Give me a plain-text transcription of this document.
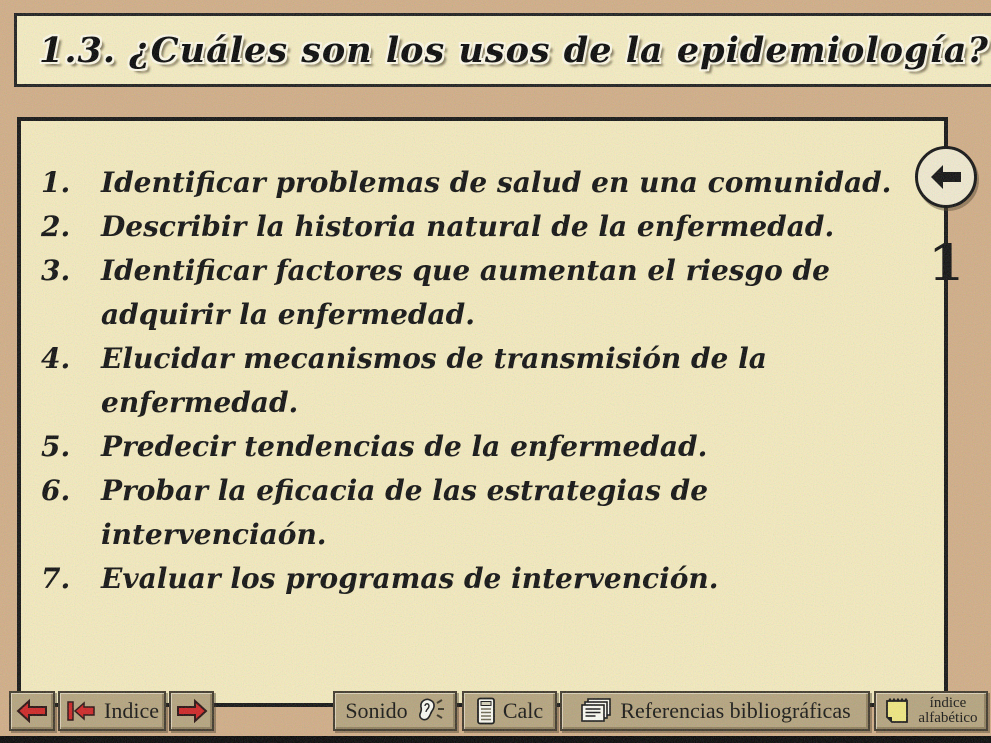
1.3. ¿Cuáles son los usos de la epidemiología?
1.	Identificar problemas de salud en una comunidad.
2.	Describir la historia natural de la enfermedad.
3.	Identificar factores que aumentan el riesgo de adquirir la enfermedad.
4.	Elucidar mecanismos de transmisión de la enfermedad.
5.	Predecir tendencias de la enfermedad.
6.	Probar la eficacia de las estrategias de intervenciaón.
7.	Evaluar los programas de intervención.
1
Indice	Sonido	Calc	Referencias bibliográficas	índice
alfabético
